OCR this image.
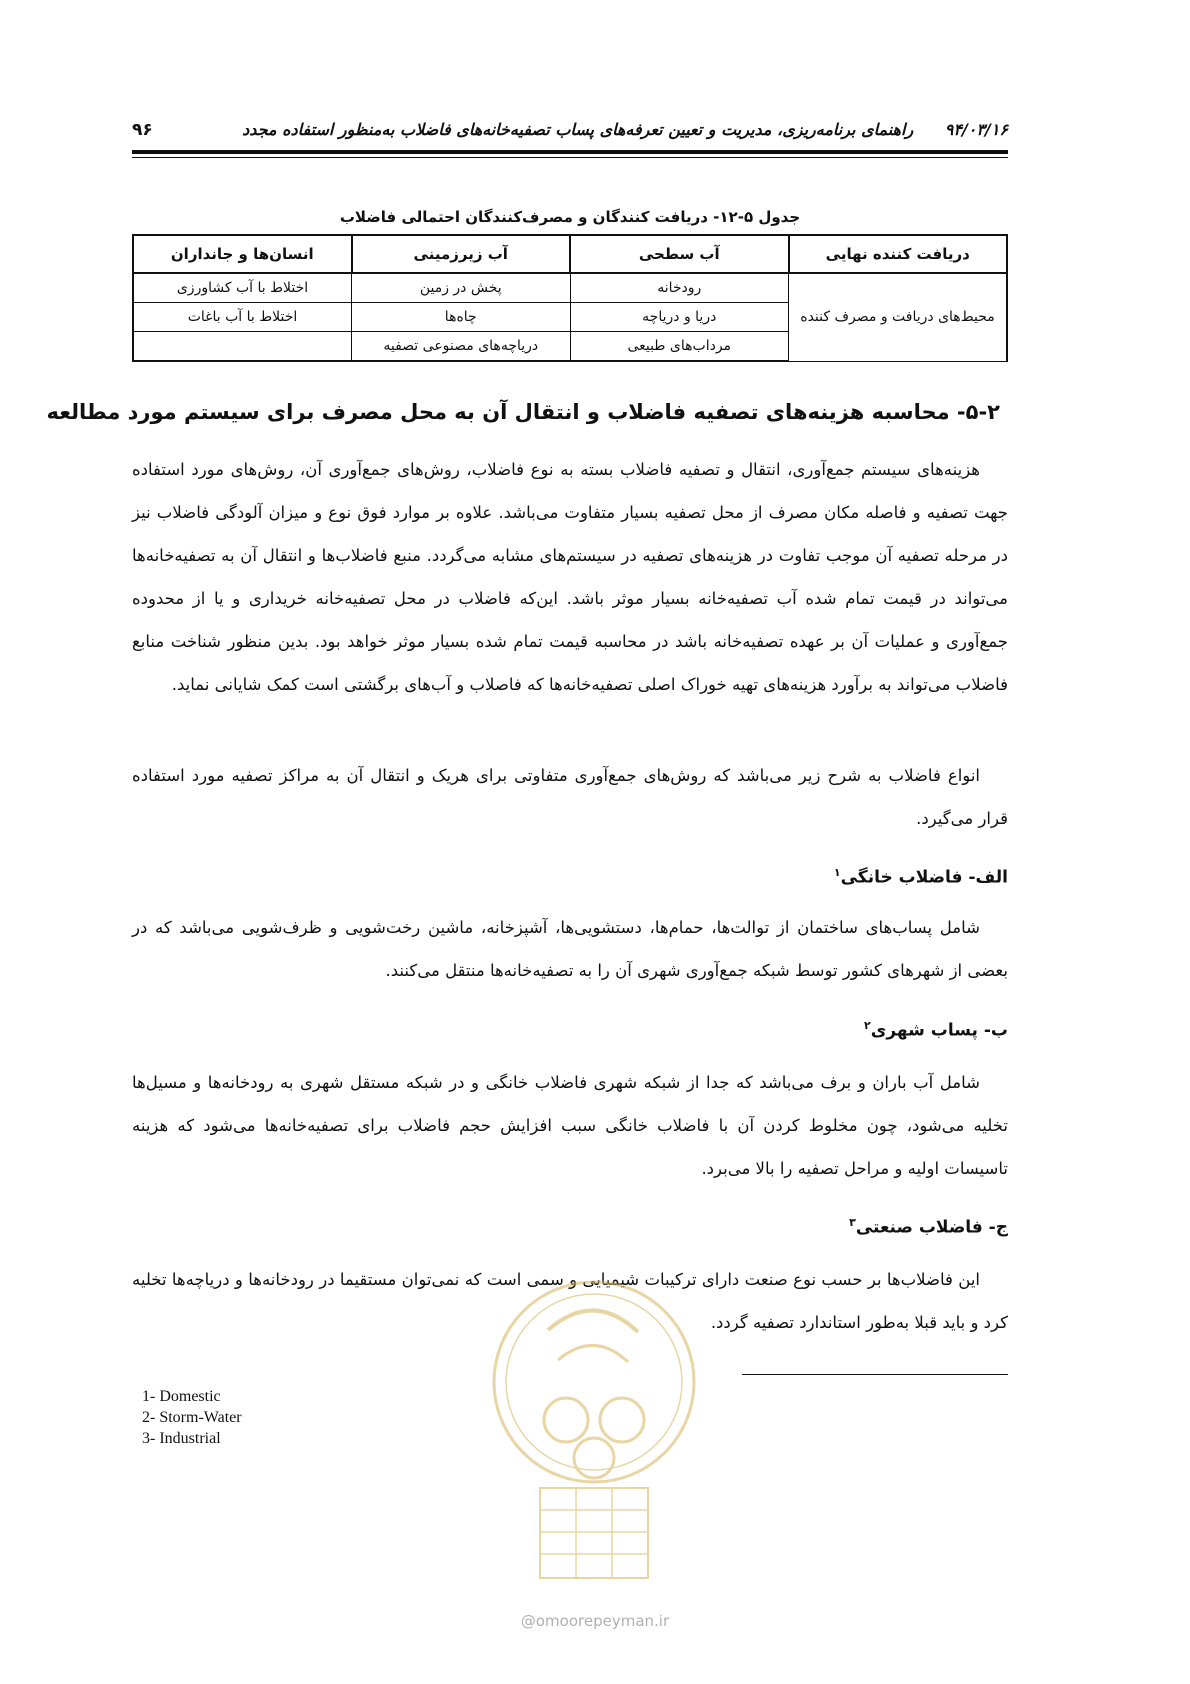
۹۶	۹۴/۰۳/۱۶ راهنمای برنامه‌ریزی، مدیریت و تعیین تعرفه‌های پساب تصفیه‌خانه‌های فاضلاب به‌منظور استفاده مجدد
جدول ۵-۱۲- دریافت کنندگان و مصرف‌کنندگان احتمالی فاضلاب
دریافت کننده نهایی	آب سطحی	آب زیرزمینی	انسان‌ها و جانداران
محیط‌های دریافت و مصرف کننده	رودخانه	پخش در زمین	اختلاط با آب کشاورزی
	دریا و دریاچه	چاه‌ها	اختلاط با آب باغات
	مرداب‌های طبیعی	دریاچه‌های مصنوعی تصفیه	
۵-۲- محاسبه هزینه‌های تصفیه فاضلاب و انتقال آن به محل مصرف برای سیستم مورد مطالعه
هزینه‌های سیستم جمع‌آوری، انتقال و تصفیه فاضلاب بسته به نوع فاضلاب، روش‌های جمع‌آوری آن، روش‌های مورد استفاده جهت تصفیه و فاصله مکان مصرف از محل تصفیه بسیار متفاوت می‌باشد. علاوه بر موارد فوق نوع و میزان آلودگی فاضلاب نیز در مرحله تصفیه آن موجب تفاوت در هزینه‌های تصفیه در سیستم‌های مشابه می‌گردد. منبع فاضلاب‌ها و انتقال آن به تصفیه‌خانه‌ها می‌تواند در قیمت تمام شده آب تصفیه‌خانه بسیار موثر باشد. این‌که فاضلاب در محل تصفیه‌خانه خریداری و یا از محدوده جمع‌آوری و عملیات آن بر عهده تصفیه‌خانه باشد در محاسبه قیمت تمام شده بسیار موثر خواهد بود. بدین منظور شناخت منابع فاضلاب می‌تواند به برآورد هزینه‌های تهیه خوراک اصلی تصفیه‌خانه‌ها که فاصلاب و آب‌های برگشتی است کمک شایانی نماید.
انواع فاضلاب به شرح زیر می‌باشد که روش‌های جمع‌آوری متفاوتی برای هریک و انتقال آن به مراکز تصفیه مورد استفاده قرار می‌گیرد.
الف- فاضلاب خانگی$^۱$
شامل پساب‌های ساختمان از توالت‌ها، حمام‌ها، دستشویی‌ها، آشپزخانه، ماشین رخت‌شویی و ظرف‌شویی می‌باشد که در بعضی از شهرهای کشور توسط شبکه جمع‌آوری شهری آن را به تصفیه‌خانه‌ها منتقل می‌کنند.
ب- پساب شهری$^۲$
شامل آب باران و برف می‌باشد که جدا از شبکه شهری فاضلاب خانگی و در شبکه مستقل شهری به رودخانه‌ها و مسیل‌ها تخلیه می‌شود، چون مخلوط کردن آن با فاضلاب خانگی سبب افزایش حجم فاضلاب برای تصفیه‌خانه‌ها می‌شود که هزینه تاسیسات اولیه و مراحل تصفیه را بالا می‌برد.
ج- فاضلاب صنعتی$^۳$
این فاضلاب‌ها بر حسب نوع صنعت دارای ترکیبات شیمیایی و سمی است که نمی‌توان مستقیما در رودخانه‌ها و دریاچه‌ها تخلیه کرد و باید قبلا به‌طور استاندارد تصفیه گردد.
1- Domestic
2- Storm-Water
3- Industrial
@omoorepeyman.ir
